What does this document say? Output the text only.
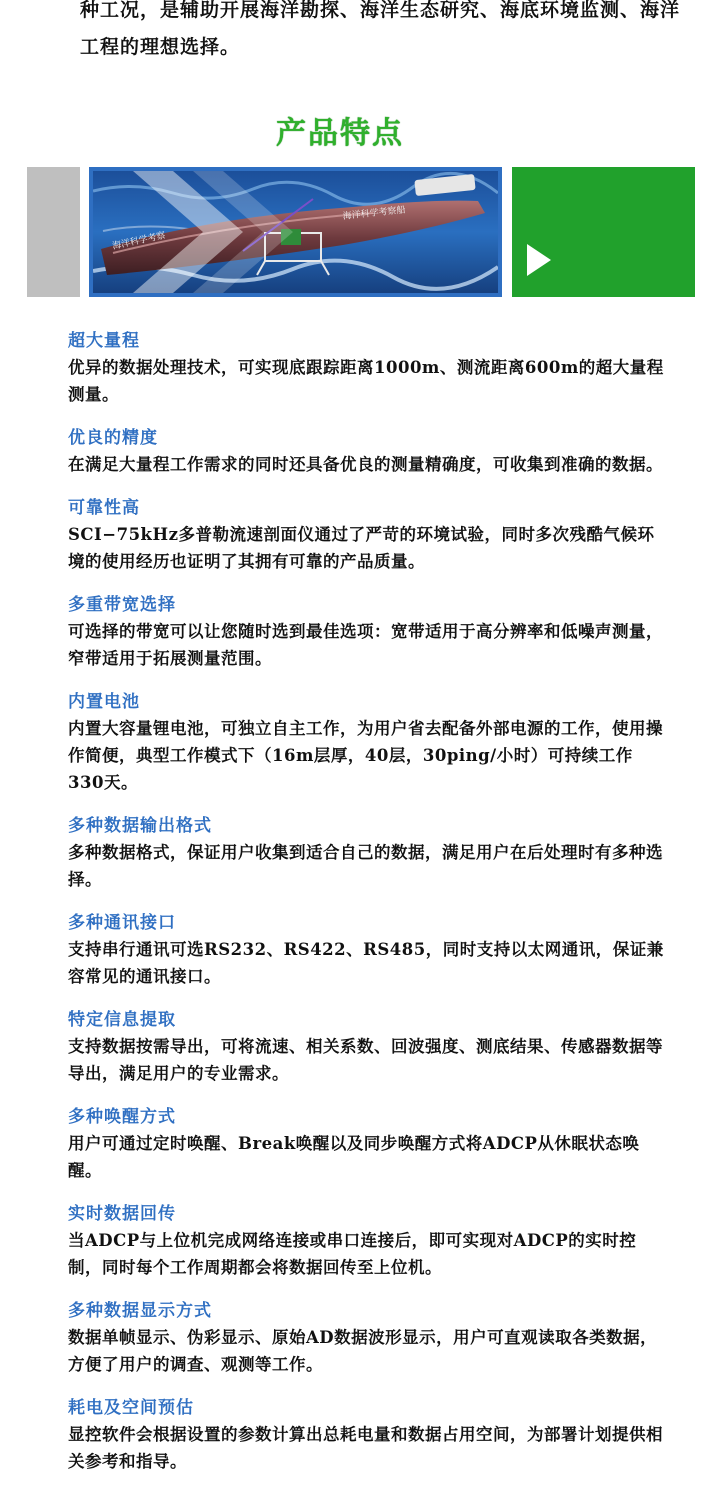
种工况，是辅助开展海洋勘探、海洋生态研究、海底环境监测、海洋工程的理想选择。

产品特点
海洋科学考察
海洋科学考察船
超大量程
优异的数据处理技术，可实现底跟踪距离1000m、测流距离600m的超大量程测量。
优良的精度
在满足大量程工作需求的同时还具备优良的测量精确度，可收集到准确的数据。
可靠性高
SCⅠ−75kHz多普勒流速剖面仪通过了严苛的环境试验，同时多次残酷气候环境的使用经历也证明了其拥有可靠的产品质量。
多重带宽选择
可选择的带宽可以让您随时选到最佳选项：宽带适用于高分辨率和低噪声测量，窄带适用于拓展测量范围。
内置电池
内置大容量锂电池，可独立自主工作，为用户省去配备外部电源的工作，使用操作简便，典型工作模式下（16m层厚，40层，30ping/小时）可持续工作330天。
多种数据输出格式
多种数据格式，保证用户收集到适合自己的数据，满足用户在后处理时有多种选择。
多种通讯接口
支持串行通讯可选RS232、RS422、RS485，同时支持以太网通讯，保证兼容常见的通讯接口。
特定信息提取
支持数据按需导出，可将流速、相关系数、回波强度、测底结果、传感器数据等导出，满足用户的专业需求。
多种唤醒方式
用户可通过定时唤醒、Break唤醒以及同步唤醒方式将ADCP从休眠状态唤醒。
实时数据回传
当ADCP与上位机完成网络连接或串口连接后，即可实现对ADCP的实时控制，同时每个工作周期都会将数据回传至上位机。
多种数据显示方式
数据单帧显示、伪彩显示、原始AD数据波形显示，用户可直观读取各类数据，方便了用户的调查、观测等工作。
耗电及空间预估
显控软件会根据设置的参数计算出总耗电量和数据占用空间，为部署计划提供相关参考和指导。
